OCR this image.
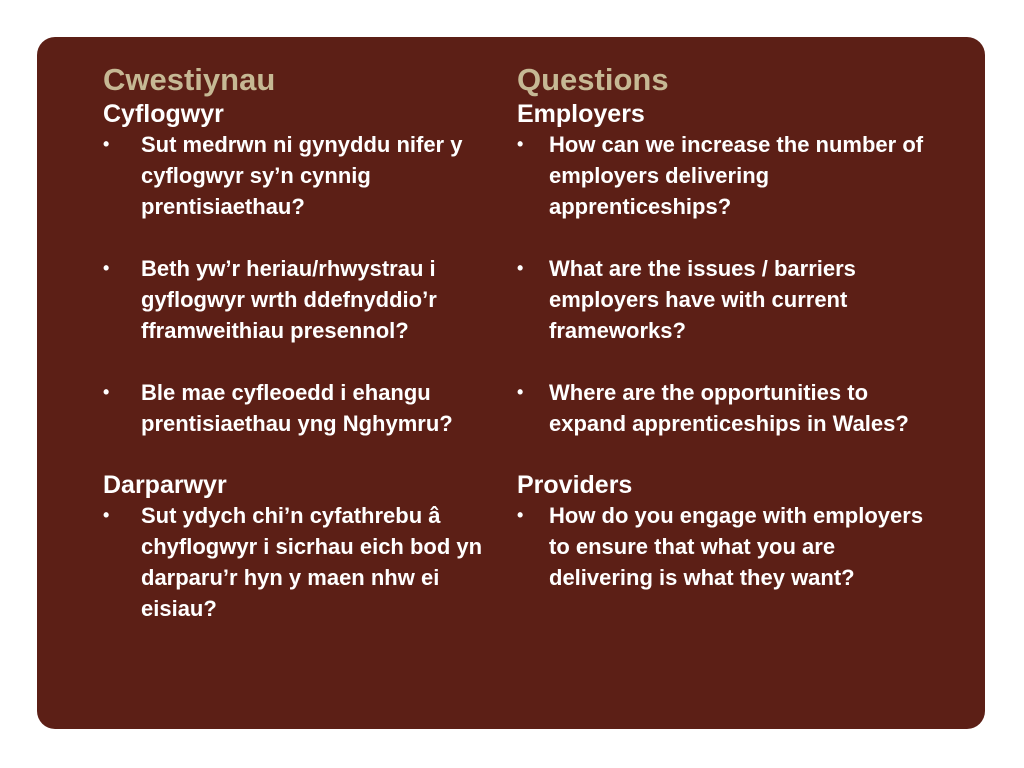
Cwestiynau
Cyflogwyr
• Sut medrwn ni gynyddu nifer y cyflogwyr sy’n cynnig prentisiaethau?
• Beth yw’r heriau/rhwystrau i gyflogwyr wrth ddefnyddio’r fframweithiau presennol?
• Ble mae cyfleoedd i ehangu prentisiaethau yng Nghymru?
Darparwyr
• Sut ydych chi’n cyfathrebu â chyflogwyr i sicrhau eich bod yn darparu’r hyn y maen nhw ei eisiau?
Questions
Employers
• How can we increase the number of employers delivering apprenticeships?
• What are the issues / barriers employers have with current frameworks?
• Where are the opportunities to expand apprenticeships in Wales?
Providers
• How do you engage with employers to ensure that what you are delivering is what they want?
